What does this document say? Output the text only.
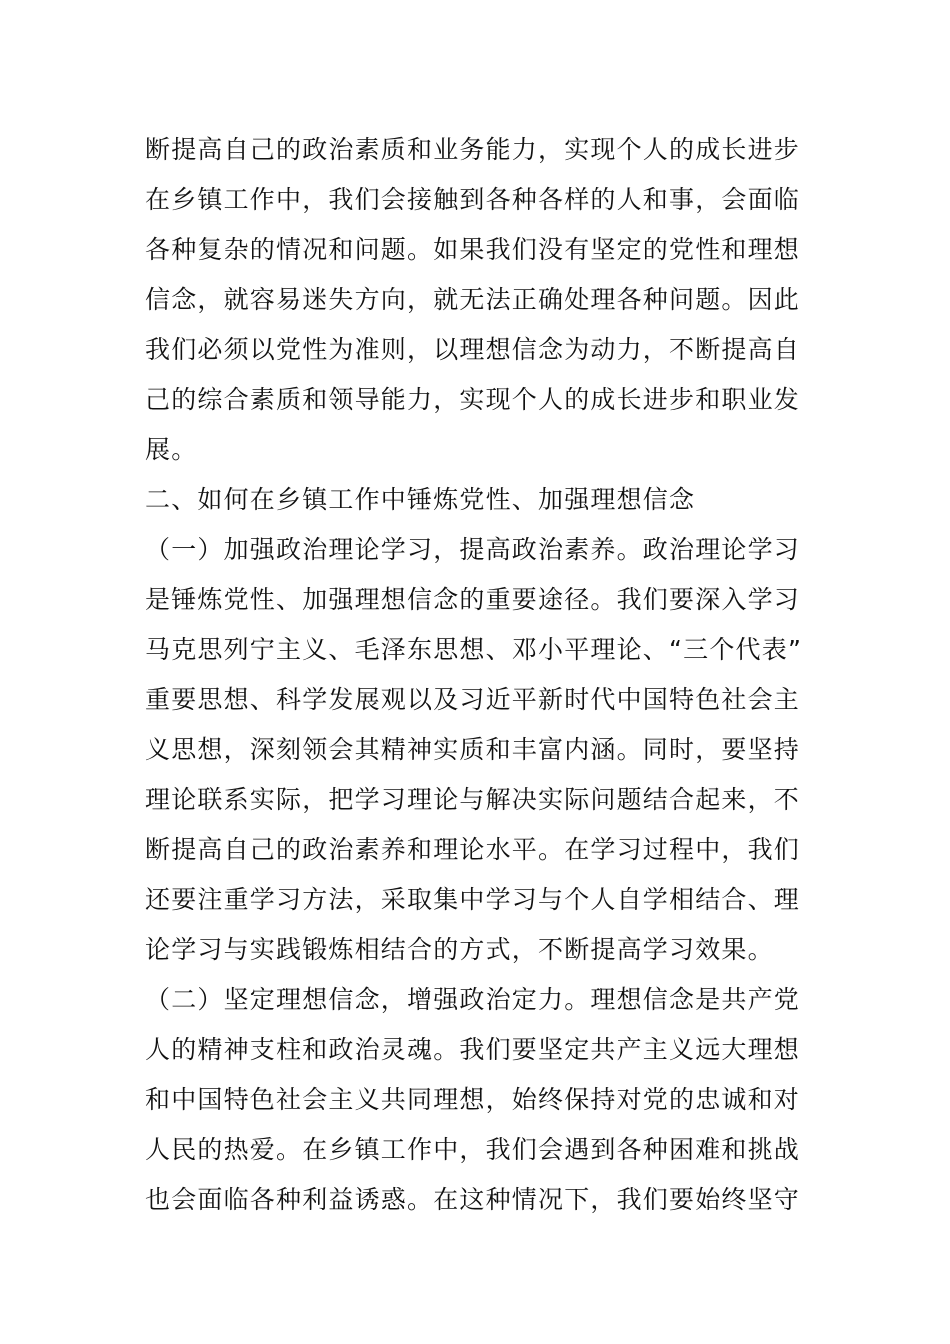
断提高自己的政治素质和业务能力，实现个人的成长进步
在乡镇工作中，我们会接触到各种各样的人和事，会面临
各种复杂的情况和问题。如果我们没有坚定的党性和理想
信念，就容易迷失方向，就无法正确处理各种问题。因此
我们必须以党性为准则，以理想信念为动力，不断提高自
己的综合素质和领导能力，实现个人的成长进步和职业发
展。
二、如何在乡镇工作中锤炼党性、加强理想信念
（一）加强政治理论学习，提高政治素养。政治理论学习
是锤炼党性、加强理想信念的重要途径。我们要深入学习
马克思列宁主义、毛泽东思想、邓小平理论、“三个代表”
重要思想、科学发展观以及习近平新时代中国特色社会主
义思想，深刻领会其精神实质和丰富内涵。同时，要坚持
理论联系实际，把学习理论与解决实际问题结合起来，不
断提高自己的政治素养和理论水平。在学习过程中，我们
还要注重学习方法，采取集中学习与个人自学相结合、理
论学习与实践锻炼相结合的方式，不断提高学习效果。
（二）坚定理想信念，增强政治定力。理想信念是共产党
人的精神支柱和政治灵魂。我们要坚定共产主义远大理想
和中国特色社会主义共同理想，始终保持对党的忠诚和对
人民的热爱。在乡镇工作中，我们会遇到各种困难和挑战
也会面临各种利益诱惑。在这种情况下，我们要始终坚守
